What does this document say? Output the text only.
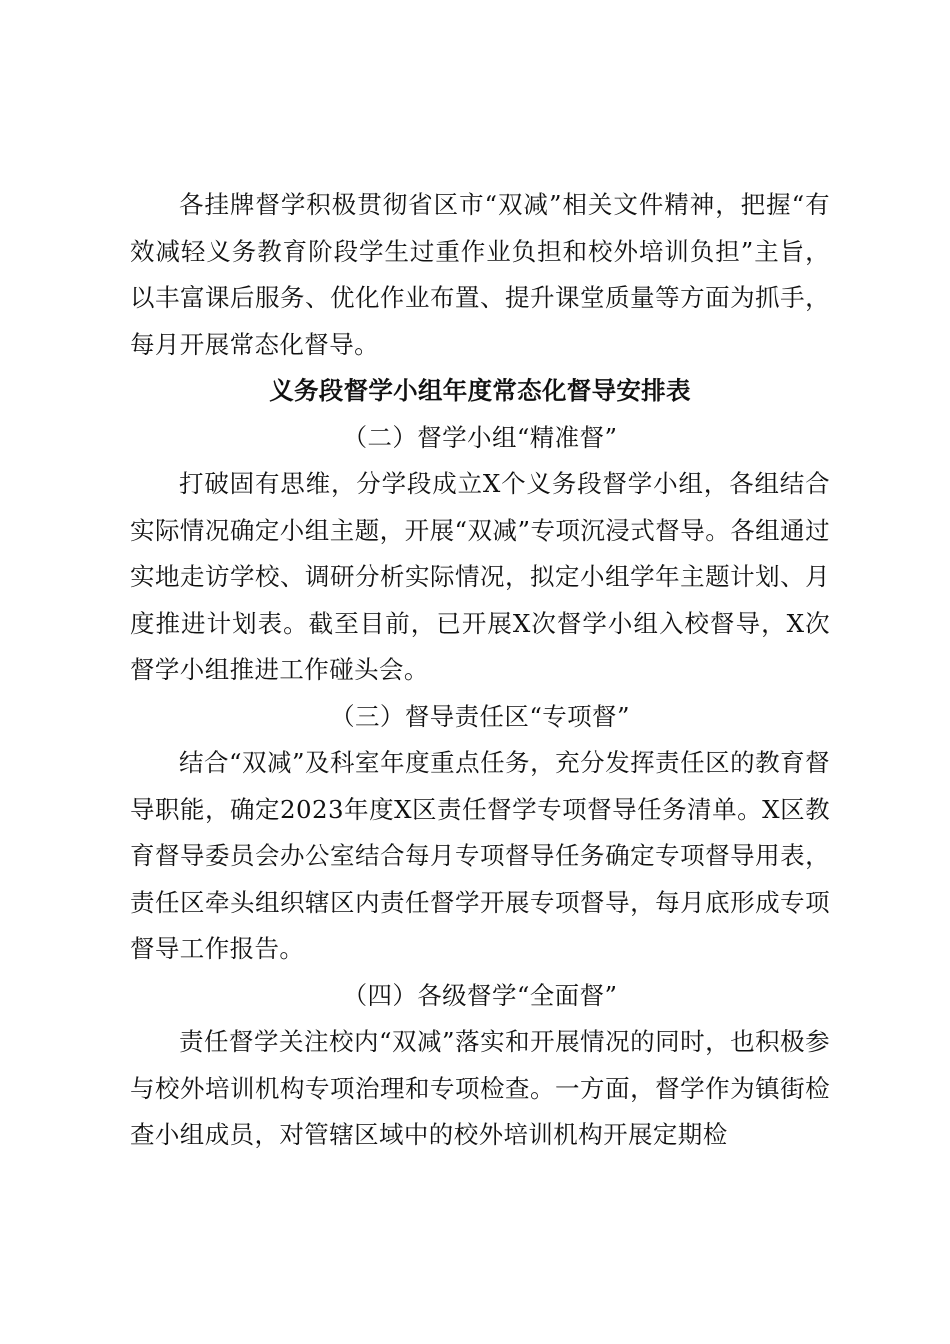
各挂牌督学积极贯彻省区市“双减”相关文件精神，把握“有效减轻义务教育阶段学生过重作业负担和校外培训负担”主旨，以丰富课后服务、优化作业布置、提升课堂质量等方面为抓手，每月开展常态化督导。

义务段督学小组年度常态化督导安排表

（二）督学小组“精准督”

打破固有思维，分学段成立X个义务段督学小组，各组结合实际情况确定小组主题，开展“双减”专项沉浸式督导。各组通过实地走访学校、调研分析实际情况，拟定小组学年主题计划、月度推进计划表。截至目前，已开展X次督学小组入校督导，X次督学小组推进工作碰头会。

（三）督导责任区“专项督”

结合“双减”及科室年度重点任务，充分发挥责任区的教育督导职能，确定2023年度X区责任督学专项督导任务清单。X区教育督导委员会办公室结合每月专项督导任务确定专项督导用表，责任区牵头组织辖区内责任督学开展专项督导，每月底形成专项督导工作报告。

（四）各级督学“全面督”

责任督学关注校内“双减”落实和开展情况的同时，也积极参与校外培训机构专项治理和专项检查。一方面，督学作为镇街检查小组成员，对管辖区域中的校外培训机构开展定期检
